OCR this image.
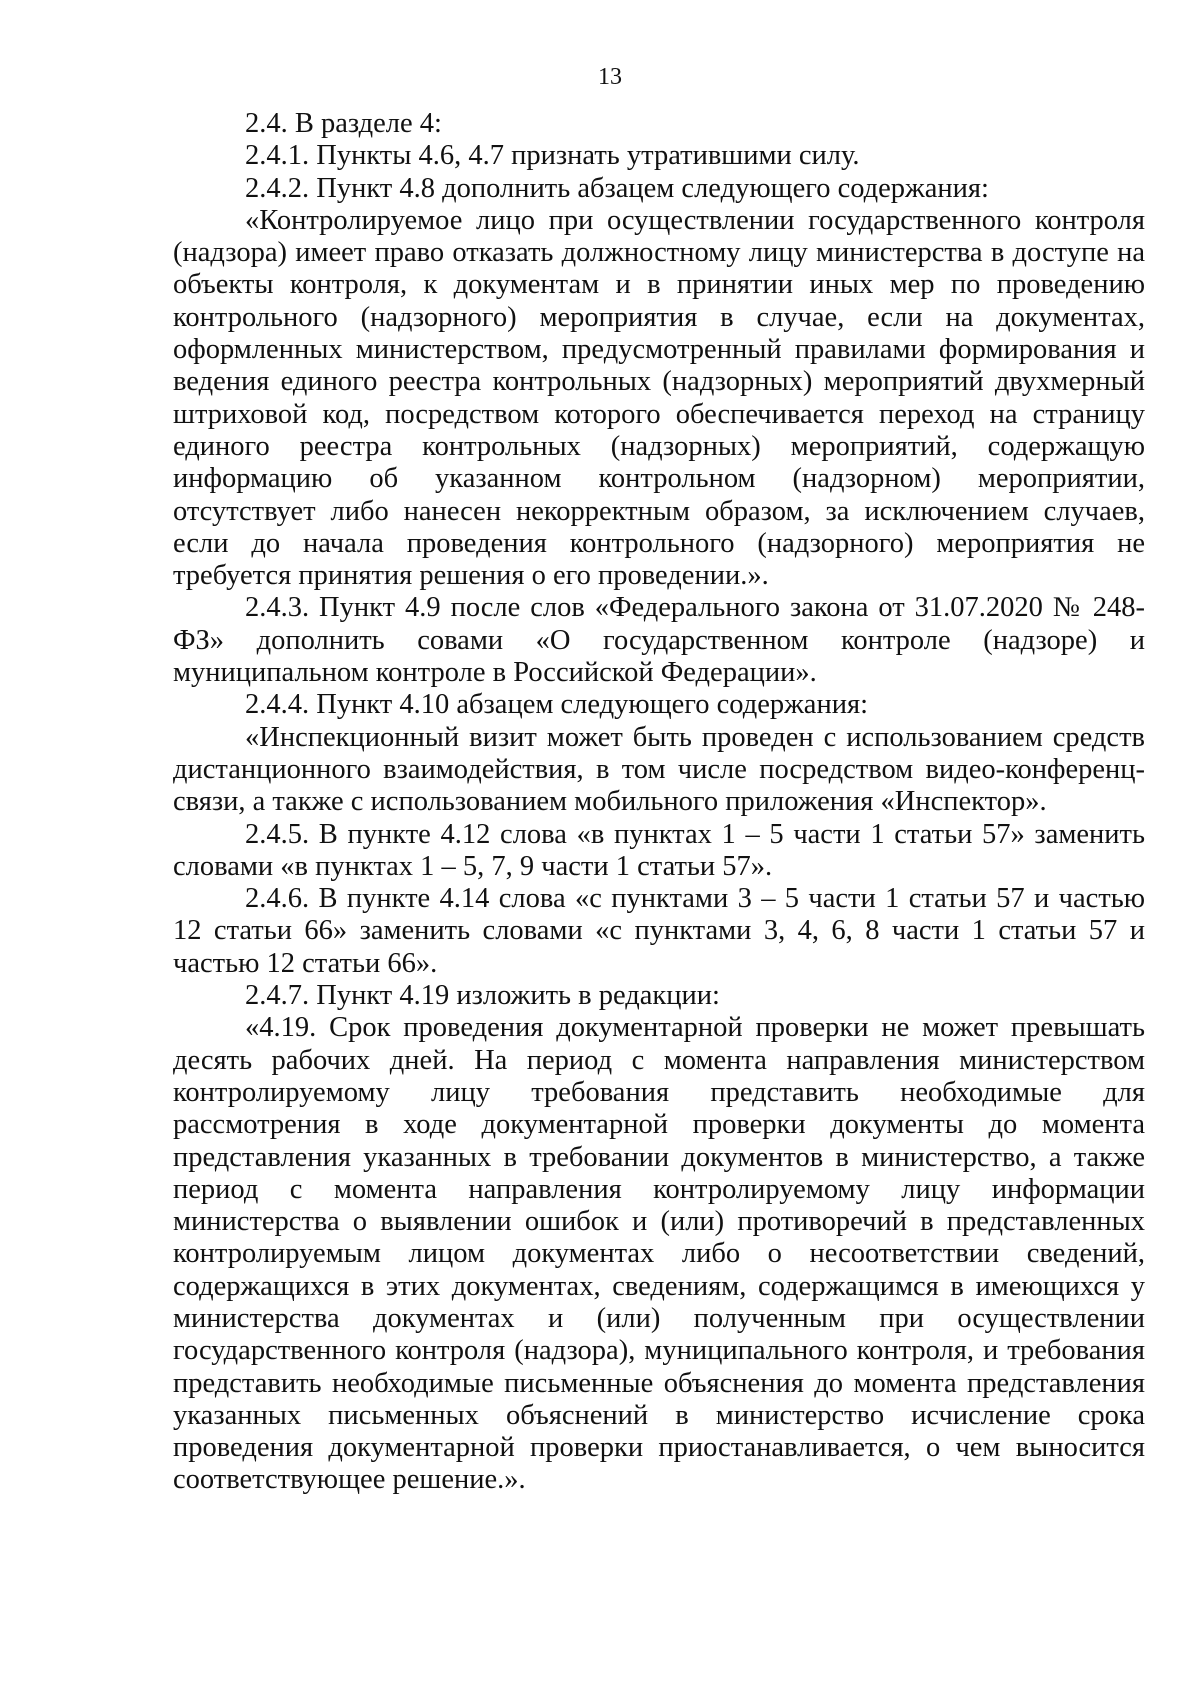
13

2.4. В разделе 4:

2.4.1. Пункты 4.6, 4.7 признать утратившими силу.

2.4.2. Пункт 4.8 дополнить абзацем следующего содержания:

«Контролируемое лицо при осуществлении государственного контроля (надзора) имеет право отказать должностному лицу министерства в доступе на объекты контроля, к документам и в принятии иных мер по проведению контрольного (надзорного) мероприятия в случае, если на документах, оформленных министерством, предусмотренный правилами формирования и ведения единого реестра контрольных (надзорных) мероприятий двухмерный штриховой код, посредством которого обеспечивается переход на страницу единого реестра контрольных (надзорных) мероприятий, содержащую информацию об указанном контрольном (надзорном) мероприятии, отсутствует либо нанесен некорректным образом, за исключением случаев, если до начала проведения контрольного (надзорного) мероприятия не требуется принятия решения о его проведении.».

2.4.3. Пункт 4.9 после слов «Федерального закона от 31.07.2020 № 248-ФЗ» дополнить совами «О государственном контроле (надзоре) и муниципальном контроле в Российской Федерации».

2.4.4. Пункт 4.10 абзацем следующего содержания:

«Инспекционный визит может быть проведен с использованием средств дистанционного взаимодействия, в том числе посредством видео-конференц-связи, а также с использованием мобильного приложения «Инспектор».

2.4.5. В пункте 4.12 слова «в пунктах 1 – 5 части 1 статьи 57» заменить словами «в пунктах 1 – 5, 7, 9 части 1 статьи 57».

2.4.6. В пункте 4.14 слова «с пунктами 3 – 5 части 1 статьи 57 и частью 12 статьи 66» заменить словами «с пунктами 3, 4, 6, 8 части 1 статьи 57 и частью 12 статьи 66».

2.4.7. Пункт 4.19 изложить в редакции:

«4.19. Срок проведения документарной проверки не может превышать десять рабочих дней. На период с момента направления министерством контролируемому лицу требования представить необходимые для рассмотрения в ходе документарной проверки документы до момента представления указанных в требовании документов в министерство, а также период с момента направления контролируемому лицу информации министерства о выявлении ошибок и (или) противоречий в представленных контролируемым лицом документах либо о несоответствии сведений, содержащихся в этих документах, сведениям, содержащимся в имеющихся у министерства документах и (или) полученным при осуществлении государственного контроля (надзора), муниципального контроля, и требования представить необходимые письменные объяснения до момента представления указанных письменных объяснений в министерство исчисление срока проведения документарной проверки приостанавливается, о чем выносится соответствующее решение.».
